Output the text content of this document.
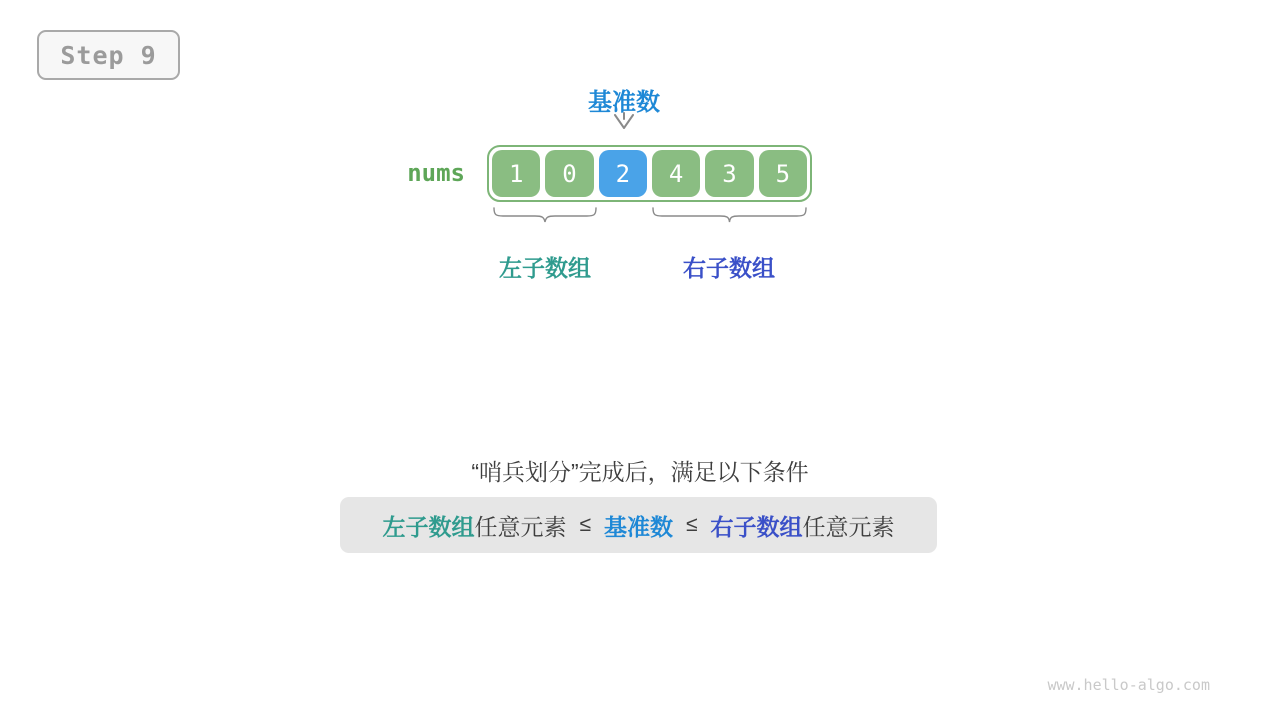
Step 9
基准数
nums	1	0	2	4	3	5
左子数组	右子数组
“哨兵划分”完成后，满足以下条件
左子数组 任意元素 ≤ 基准数 ≤ 右子数组 任意元素
www.hello-algo.com
